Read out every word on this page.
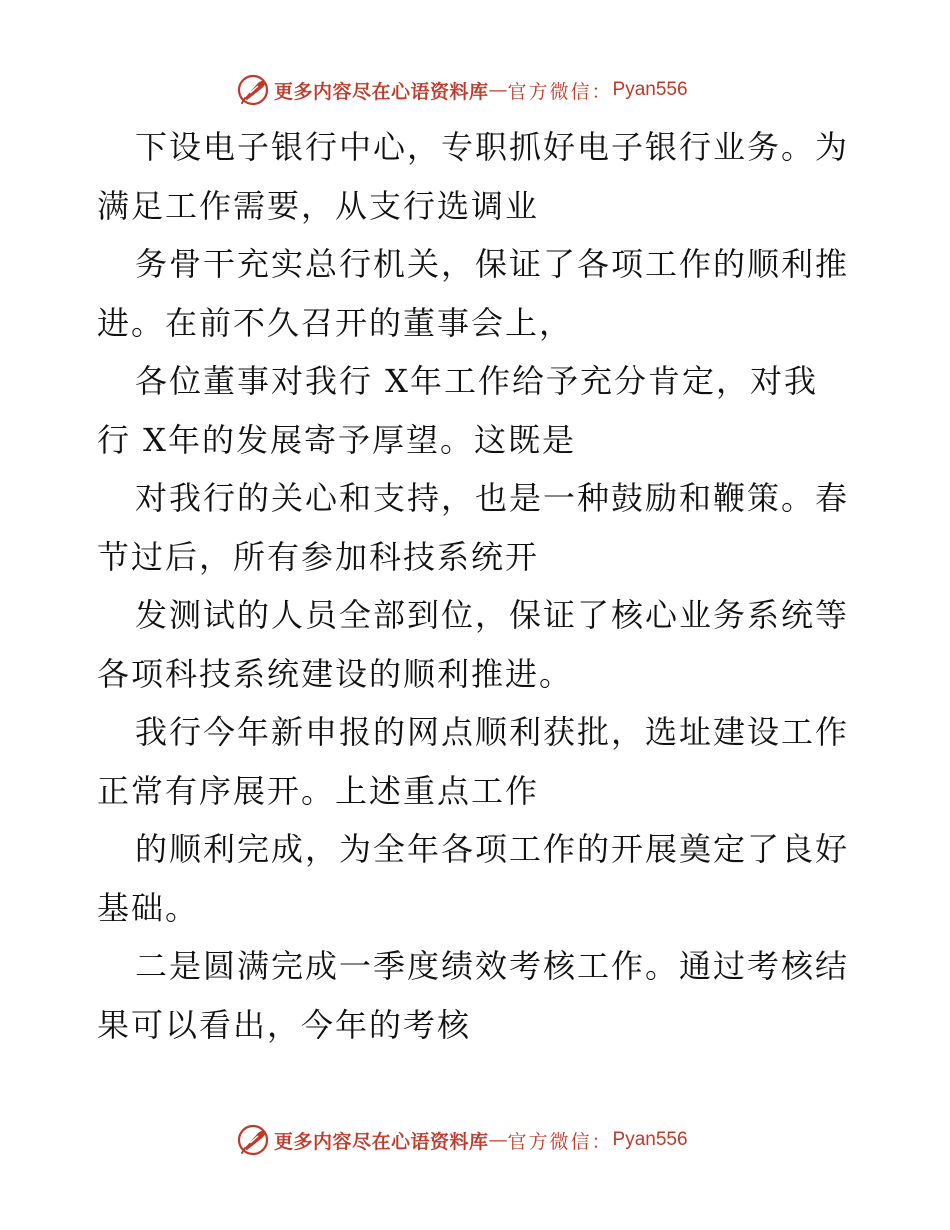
更多内容尽在心语资料库 — 官方微信： Pyan556

下设电子银行中心，专职抓好电子银行业务。为
满足工作需要，从支行选调业

务骨干充实总行机关，保证了各项工作的顺利推
进。在前不久召开的董事会上，

各位董事对我行 X年工作给予充分肯定，对我
行 X年的发展寄予厚望。这既是

对我行的关心和支持，也是一种鼓励和鞭策。春
节过后，所有参加科技系统开

发测试的人员全部到位，保证了核心业务系统等
各项科技系统建设的顺利推进。

我行今年新申报的网点顺利获批，选址建设工作
正常有序展开。上述重点工作

的顺利完成，为全年各项工作的开展奠定了良好
基础。

二是圆满完成一季度绩效考核工作。通过考核结
果可以看出，今年的考核

更多内容尽在心语资料库 — 官方微信： Pyan556
